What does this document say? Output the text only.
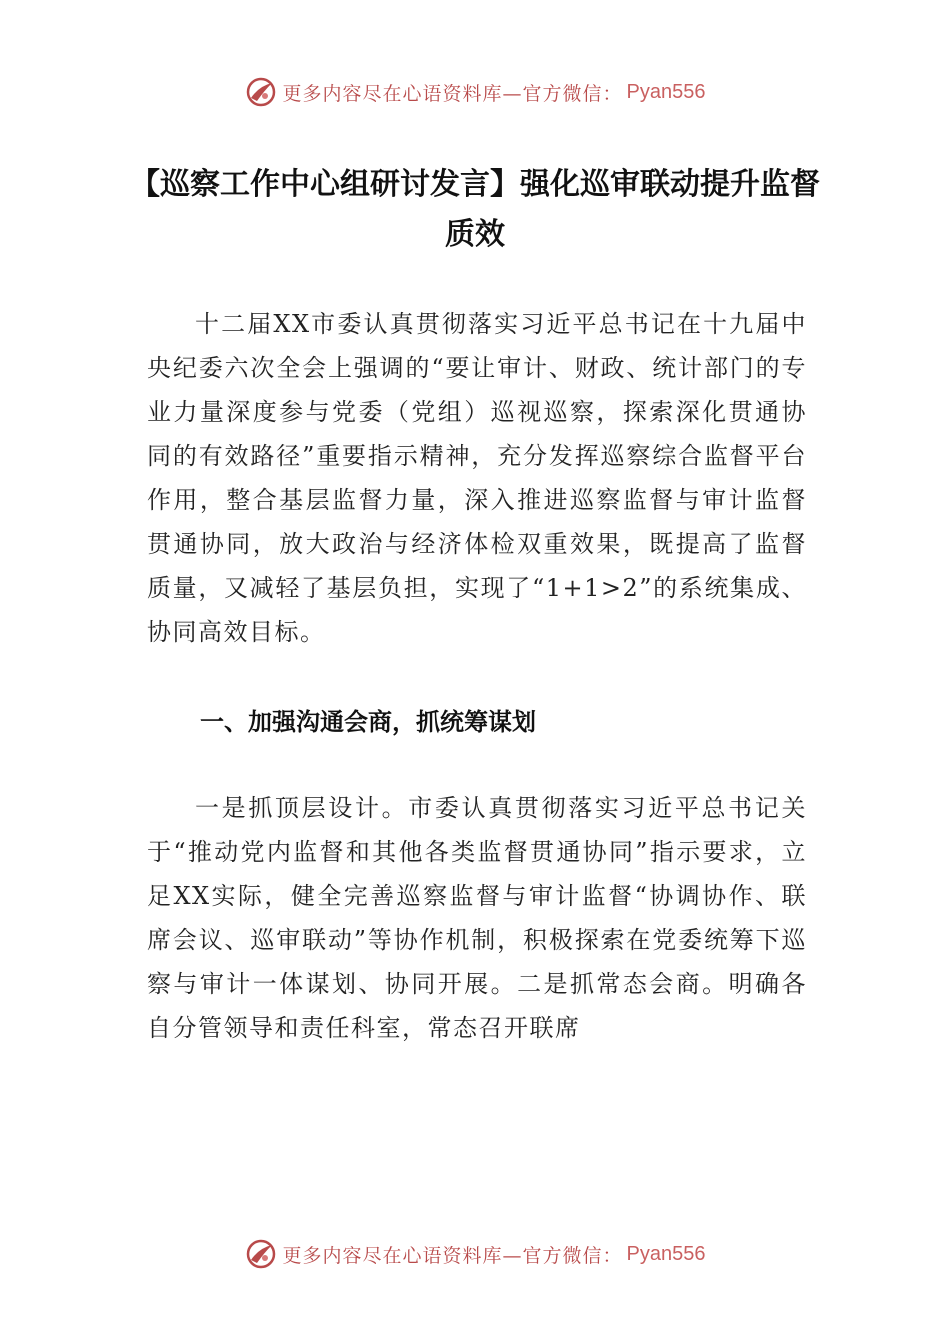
更多内容尽在心语资料库—官方微信： Pyan556
【巡察工作中心组研讨发言】强化巡审联动提升监督质效

十二届XX市委认真贯彻落实习近平总书记在十九届中央纪委六次全会上强调的“要让审计、财政、统计部门的专业力量深度参与党委（党组）巡视巡察，探索深化贯通协同的有效路径”重要指示精神，充分发挥巡察综合监督平台作用，整合基层监督力量，深入推进巡察监督与审计监督贯通协同，放大政治与经济体检双重效果，既提高了监督质量，又减轻了基层负担，实现了“1+1>2”的系统集成、协同高效目标。

一、加强沟通会商，抓统筹谋划

一是抓顶层设计。市委认真贯彻落实习近平总书记关于“推动党内监督和其他各类监督贯通协同”指示要求，立足XX实际，健全完善巡察监督与审计监督“协调协作、联席会议、巡审联动”等协作机制，积极探索在党委统筹下巡察与审计一体谋划、协同开展。二是抓常态会商。明确各自分管领导和责任科室，常态召开联席

更多内容尽在心语资料库—官方微信： Pyan556
